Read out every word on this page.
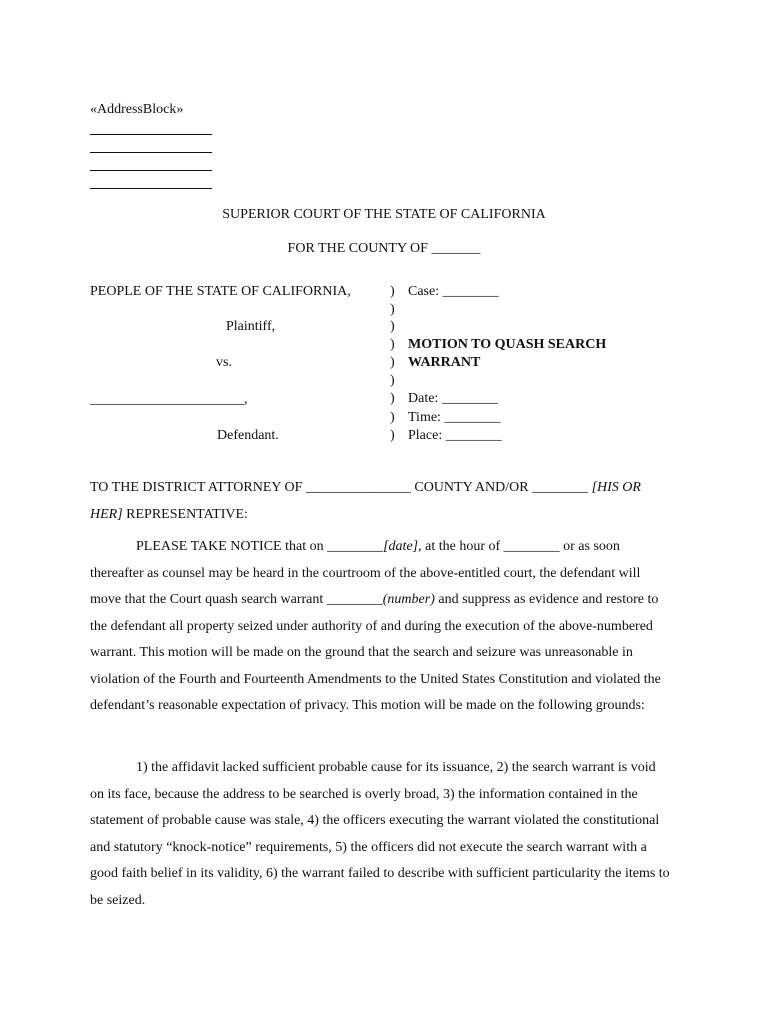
«AddressBlock»
SUPERIOR COURT OF THE STATE OF CALIFORNIA
FOR THE COUNTY OF _______
PEOPLE OF THE STATE OF CALIFORNIA,
Plaintiff,
vs.
______________________,
Defendant.
)
)
)
)
)
)
)
)
)
Case: ________
MOTION TO QUASH SEARCH
WARRANT
Date: ________
Time: ________
Place: ________
TO THE DISTRICT ATTORNEY OF _______________ COUNTY AND/OR ________ [HIS OR HER] REPRESENTATIVE:
PLEASE TAKE NOTICE that on ________[date], at the hour of ________ or as soon thereafter as counsel may be heard in the courtroom of the above-entitled court, the defendant will move that the Court quash search warrant ________(number) and suppress as evidence and restore to the defendant all property seized under authority of and during the execution of the above-numbered warrant. This motion will be made on the ground that the search and seizure was unreasonable in violation of the Fourth and Fourteenth Amendments to the United States Constitution and violated the defendant’s reasonable expectation of privacy. This motion will be made on the following grounds:
1) the affidavit lacked sufficient probable cause for its issuance, 2) the search warrant is void on its face, because the address to be searched is overly broad, 3) the information contained in the statement of probable cause was stale, 4) the officers executing the warrant violated the constitutional and statutory “knock-notice” requirements, 5) the officers did not execute the search warrant with a good faith belief in its validity, 6) the warrant failed to describe with sufficient particularity the items to be seized.
